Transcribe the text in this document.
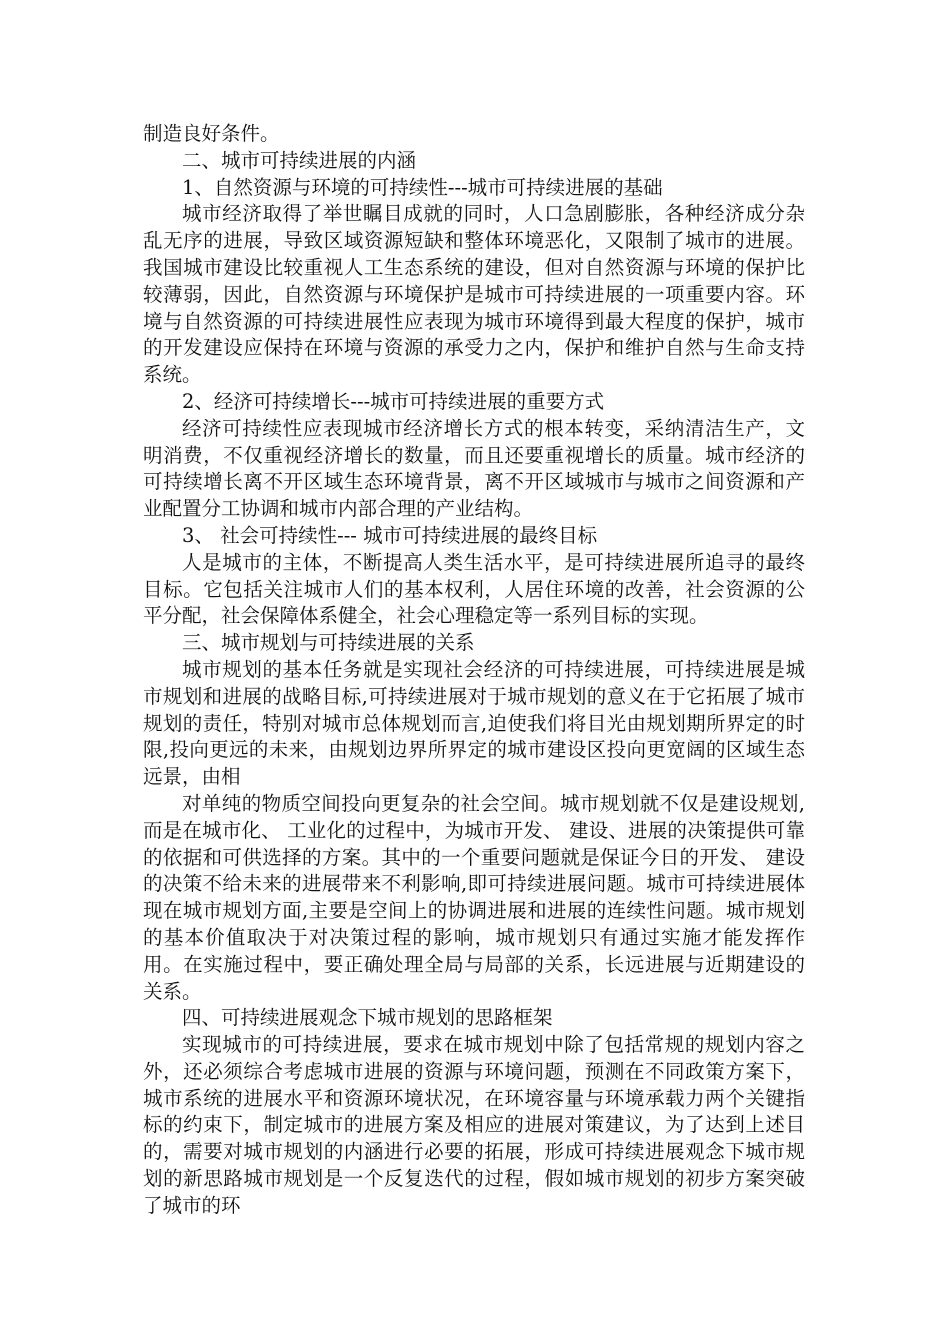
制造良好条件。

二、城市可持续进展的内涵

1、自然资源与环境的可持续性---城市可持续进展的基础

城市经济取得了举世瞩目成就的同时，人口急剧膨胀，各种经济成分杂乱无序的进展，导致区域资源短缺和整体环境恶化，又限制了城市的进展。我国城市建设比较重视人工生态系统的建设，但对自然资源与环境的保护比较薄弱，因此，自然资源与环境保护是城市可持续进展的一项重要内容。环境与自然资源的可持续进展性应表现为城市环境得到最大程度的保护，城市的开发建设应保持在环境与资源的承受力之内，保护和维护自然与生命支持系统。

2、经济可持续增长---城市可持续进展的重要方式

经济可持续性应表现城市经济增长方式的根本转变，采纳清洁生产，文明消费，不仅重视经济增长的数量，而且还要重视增长的质量。城市经济的可持续增长离不开区域生态环境背景，离不开区域城市与城市之间资源和产业配置分工协调和城市内部合理的产业结构。

3、 社会可持续性--- 城市可持续进展的最终目标

人是城市的主体，不断提高人类生活水平，是可持续进展所追寻的最终目标。它包括关注城市人们的基本权利，人居住环境的改善，社会资源的公平分配，社会保障体系健全，社会心理稳定等一系列目标的实现。

三、城市规划与可持续进展的关系

城市规划的基本任务就是实现社会经济的可持续进展，可持续进展是城市规划和进展的战略目标,可持续进展对于城市规划的意义在于它拓展了城市规划的责任，特别对城市总体规划而言,迫使我们将目光由规划期所界定的时限,投向更远的未来，由规划边界所界定的城市建设区投向更宽阔的区域生态远景，由相

对单纯的物质空间投向更复杂的社会空间。城市规划就不仅是建设规划,而是在城市化、 工业化的过程中，为城市开发、 建设、进展的决策提供可靠的依据和可供选择的方案。其中的一个重要问题就是保证今日的开发、 建设的决策不给未来的进展带来不利影响,即可持续进展问题。城市可持续进展体现在城市规划方面,主要是空间上的协调进展和进展的连续性问题。城市规划的基本价值取决于对决策过程的影响，城市规划只有通过实施才能发挥作用。在实施过程中，要正确处理全局与局部的关系，长远进展与近期建设的关系。

四、可持续进展观念下城市规划的思路框架

实现城市的可持续进展，要求在城市规划中除了包括常规的规划内容之外，还必须综合考虑城市进展的资源与环境问题，预测在不同政策方案下，城市系统的进展水平和资源环境状况，在环境容量与环境承载力两个关键指标的约束下，制定城市的进展方案及相应的进展对策建议，为了达到上述目的，需要对城市规划的内涵进行必要的拓展，形成可持续进展观念下城市规划的新思路城市规划是一个反复迭代的过程，假如城市规划的初步方案突破了城市的环
